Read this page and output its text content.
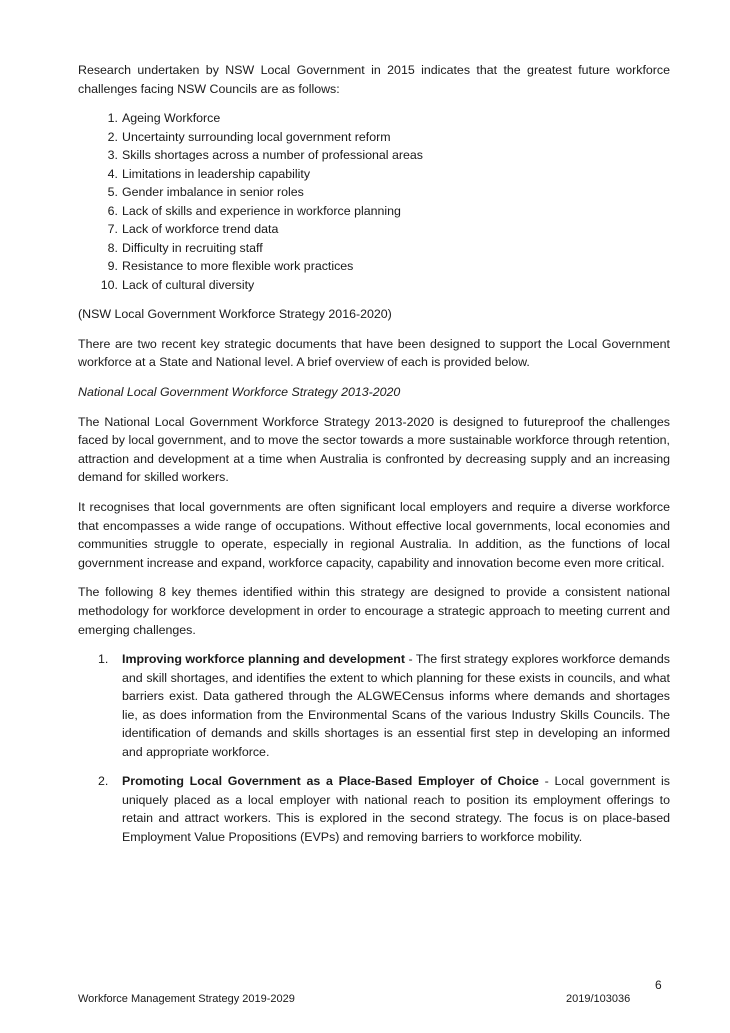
Research undertaken by NSW Local Government in 2015 indicates that the greatest future workforce challenges facing NSW Councils are as follows:

1. Ageing Workforce
2. Uncertainty surrounding local government reform
3. Skills shortages across a number of professional areas
4. Limitations in leadership capability
5. Gender imbalance in senior roles
6. Lack of skills and experience in workforce planning
7. Lack of workforce trend data
8. Difficulty in recruiting staff
9. Resistance to more flexible work practices
10. Lack of cultural diversity

(NSW Local Government Workforce Strategy 2016-2020)

There are two recent key strategic documents that have been designed to support the Local Government workforce at a State and National level. A brief overview of each is provided below.

National Local Government Workforce Strategy 2013-2020

The National Local Government Workforce Strategy 2013-2020 is designed to futureproof the challenges faced by local government, and to move the sector towards a more sustainable workforce through retention, attraction and development at a time when Australia is confronted by decreasing supply and an increasing demand for skilled workers.

It recognises that local governments are often significant local employers and require a diverse workforce that encompasses a wide range of occupations. Without effective local governments, local economies and communities struggle to operate, especially in regional Australia. In addition, as the functions of local government increase and expand, workforce capacity, capability and innovation become even more critical.

The following 8 key themes identified within this strategy are designed to provide a consistent national methodology for workforce development in order to encourage a strategic approach to meeting current and emerging challenges.

1. Improving workforce planning and development - The first strategy explores workforce demands and skill shortages, and identifies the extent to which planning for these exists in councils, and what barriers exist. Data gathered through the ALGWECensus informs where demands and shortages lie, as does information from the Environmental Scans of the various Industry Skills Councils. The identification of demands and skills shortages is an essential first step in developing an informed and appropriate workforce.
2. Promoting Local Government as a Place-Based Employer of Choice - Local government is uniquely placed as a local employer with national reach to position its employment offerings to retain and attract workers. This is explored in the second strategy. The focus is on place-based Employment Value Propositions (EVPs) and removing barriers to workforce mobility.
6
Workforce Management Strategy 2019-2029	2019/103036
